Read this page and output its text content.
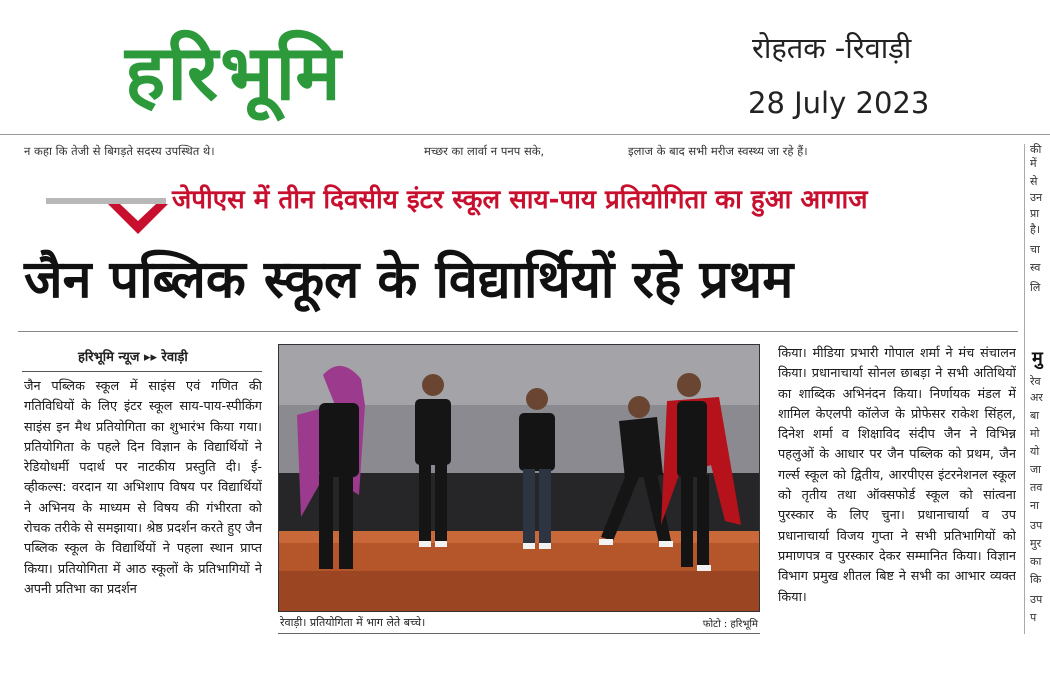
हरिभूमि	रोहतक -रिवाड़ी
28 July 2023
न कहा कि तेजी से बिगड़ते सदस्य उपस्थित थे।	मच्छर का लार्वा न पनप सके,	इलाज के बाद सभी मरीज स्वस्थ्य जा रहे हैं।
जेपीएस में तीन दिवसीय इंटर स्कूल साय-पाय प्रतियोगिता का हुआ आगाज
जैन पब्लिक स्कूल के विद्यार्थियों रहे प्रथम
हरिभूमि न्यूज ▸▸ रेवाड़ी

जैन पब्लिक स्कूल में साइंस एवं गणित की गतिविधियों के लिए इंटर स्कूल साय-पाय-स्पीकिंग साइंस इन मैथ प्रतियोगिता का शुभारंभ किया गया। प्रतियोगिता के पहले दिन विज्ञान के विद्यार्थियों ने रेडियोधर्मी पदार्थ पर नाटकीय प्रस्तुति दी। ई-व्हीकल्स: वरदान या अभिशाप विषय पर विद्यार्थियों ने अभिनय के माध्यम से विषय की गंभीरता को रोचक तरीके से समझाया। श्रेष्ठ प्रदर्शन करते हुए जैन पब्लिक स्कूल के विद्यार्थियों ने पहला स्थान प्राप्त किया। प्रतियोगिता में आठ स्कूलों के प्रतिभागियों ने अपनी प्रतिभा का प्रदर्शन

रेवाड़ी। प्रतियोगिता में भाग लेते बच्चे।	फोटो : हरिभूमि

किया। मीडिया प्रभारी गोपाल शर्मा ने मंच संचालन किया। प्रधानाचार्या सोनल छाबड़ा ने सभी अतिथियों का शाब्दिक अभिनंदन किया। निर्णायक मंडल में शामिल केएलपी कॉलेज के प्रोफेसर राकेश सिंहल, दिनेश शर्मा व शिक्षाविद संदीप जैन ने विभिन्न पहलुओं के आधार पर जैन पब्लिक को प्रथम, जैन गर्ल्स स्कूल को द्वितीय, आरपीएस इंटरनेशनल स्कूल को तृतीय तथा ऑक्सफोर्ड स्कूल को सांत्वना पुरस्कार के लिए चुना। प्रधानाचार्या व उप प्रधानाचार्या विजय गुप्ता ने सभी प्रतिभागियों को प्रमाणपत्र व पुरस्कार देकर सम्मानित किया। विज्ञान विभाग प्रमुख शीतल बिष्ट ने सभी का आभार व्यक्त किया।

की
में
से
उन
प्रा
है।
चा
स्व
लि
मु
रेव
अर
बा
मो
यो
जा
तव
ना
उप
मुर
का
कि
उप
प
